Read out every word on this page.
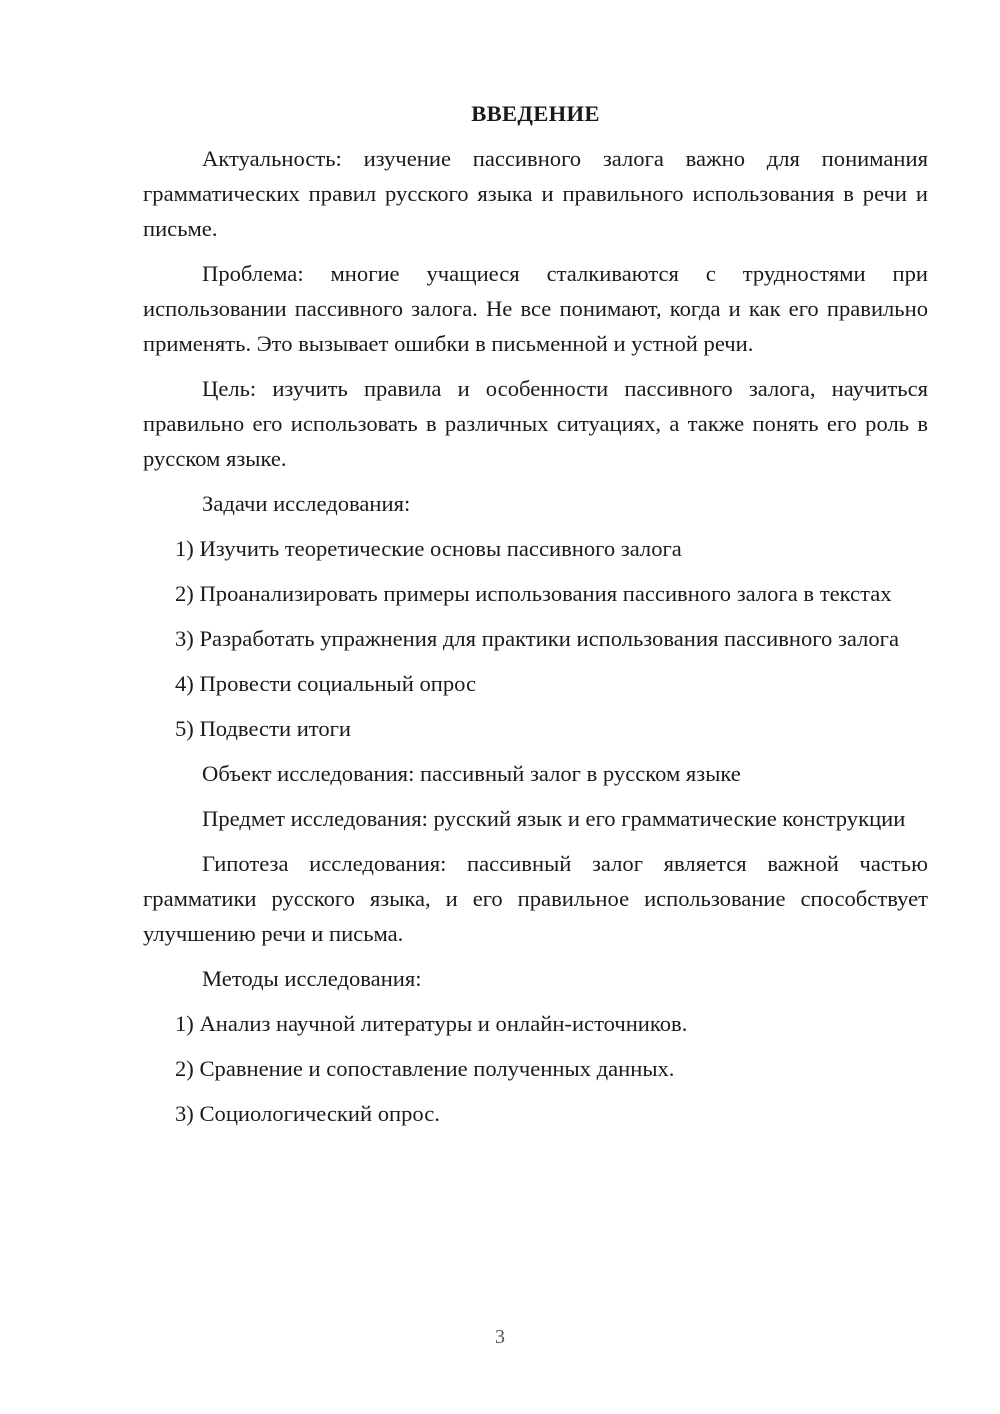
ВВЕДЕНИЕ
Актуальность: изучение пассивного залога важно для понимания грамматических правил русского языка и правильного использования в речи и письме.
Проблема: многие учащиеся сталкиваются с трудностями при использовании пассивного залога. Не все понимают, когда и как его правильно применять. Это вызывает ошибки в письменной и устной речи.
Цель: изучить правила и особенности пассивного залога, научиться правильно его использовать в различных ситуациях, а также понять его роль в русском языке.
Задачи исследования:
1) Изучить теоретические основы пассивного залога
2) Проанализировать примеры использования пассивного залога в текстах
3) Разработать упражнения для практики использования пассивного залога
4) Провести социальный опрос
5) Подвести итоги
Объект исследования: пассивный залог в русском языке
Предмет исследования: русский язык и его грамматические конструкции
Гипотеза исследования: пассивный залог является важной частью грамматики русского языка, и его правильное использование способствует улучшению речи и письма.
Методы исследования:
1) Анализ научной литературы и онлайн-источников.
2) Сравнение и сопоставление полученных данных.
3) Социологический опрос.
3
